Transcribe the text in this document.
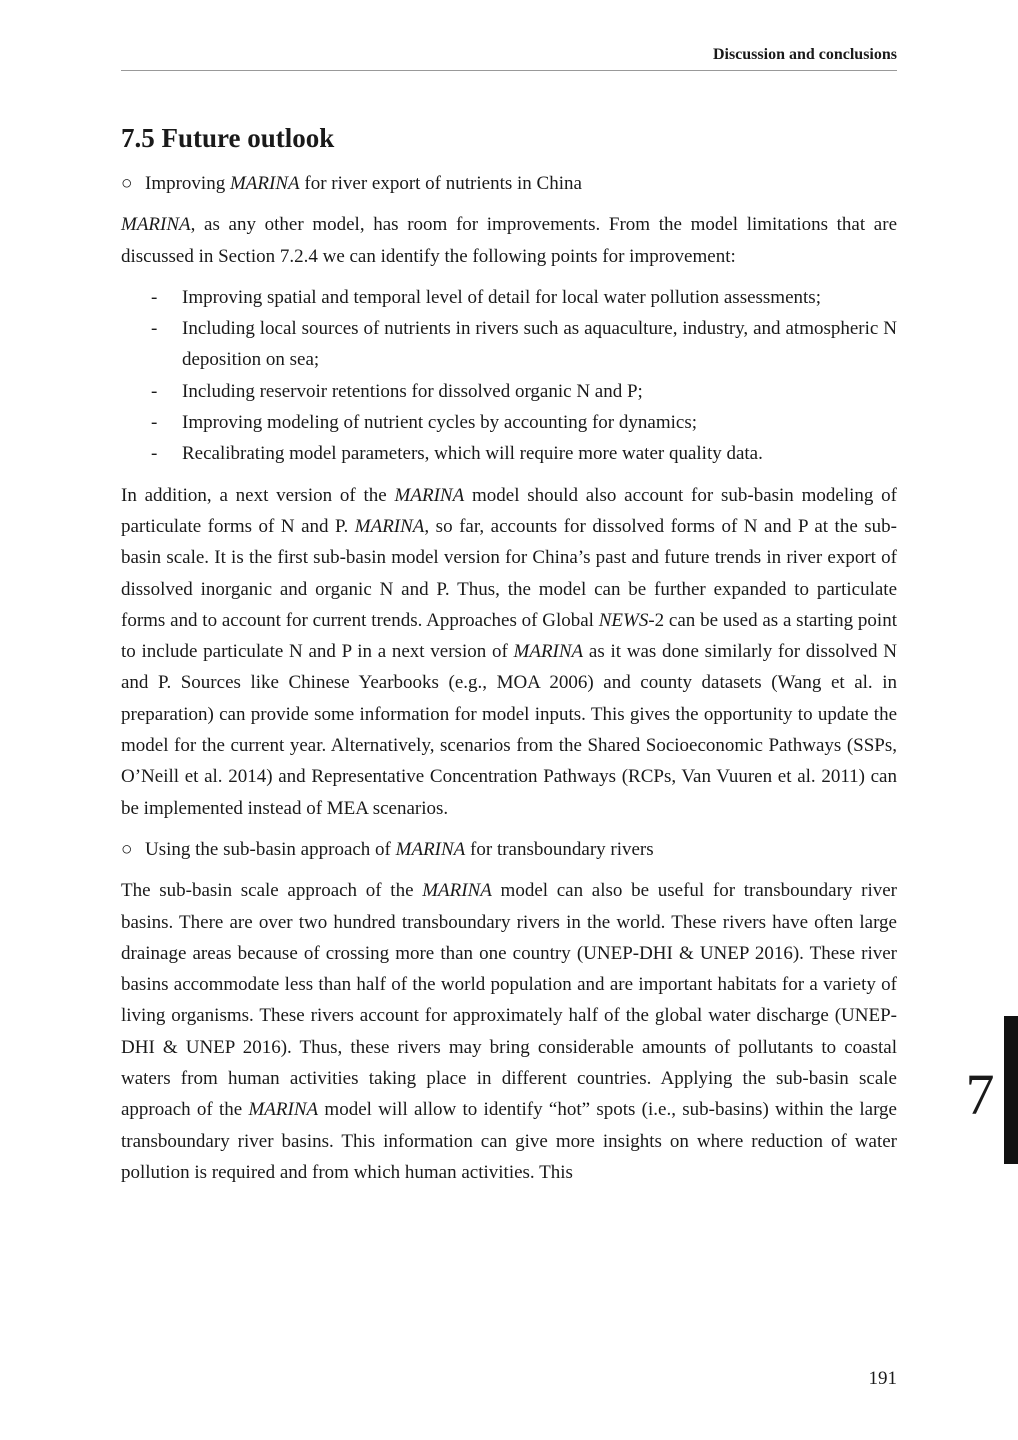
Discussion and conclusions
7.5 Future outlook
○ Improving MARINA for river export of nutrients in China

MARINA, as any other model, has room for improvements. From the model limitations that are discussed in Section 7.2.4 we can identify the following points for improvement:

-	Improving spatial and temporal level of detail for local water pollution assessments;
-	Including local sources of nutrients in rivers such as aquaculture, industry, and atmospheric N deposition on sea;
-	Including reservoir retentions for dissolved organic N and P;
-	Improving modeling of nutrient cycles by accounting for dynamics;
-	Recalibrating model parameters, which will require more water quality data.

In addition, a next version of the MARINA model should also account for sub-basin modeling of particulate forms of N and P. MARINA, so far, accounts for dissolved forms of N and P at the sub-basin scale. It is the first sub-basin model version for China’s past and future trends in river export of dissolved inorganic and organic N and P. Thus, the model can be further expanded to particulate forms and to account for current trends. Approaches of Global NEWS-2 can be used as a starting point to include particulate N and P in a next version of MARINA as it was done similarly for dissolved N and P. Sources like Chinese Yearbooks (e.g., MOA 2006) and county datasets (Wang et al. in preparation) can provide some information for model inputs. This gives the opportunity to update the model for the current year. Alternatively, scenarios from the Shared Socioeconomic Pathways (SSPs, O’Neill et al. 2014) and Representative Concentration Pathways (RCPs, Van Vuuren et al. 2011) can be implemented instead of MEA scenarios.

○ Using the sub-basin approach of MARINA for transboundary rivers

The sub-basin scale approach of the MARINA model can also be useful for transboundary river basins. There are over two hundred transboundary rivers in the world. These rivers have often large drainage areas because of crossing more than one country (UNEP-DHI & UNEP 2016). These river basins accommodate less than half of the world population and are important habitats for a variety of living organisms. These rivers account for approximately half of the global water discharge (UNEP-DHI & UNEP 2016). Thus, these rivers may bring considerable amounts of pollutants to coastal waters from human activities taking place in different countries. Applying the sub-basin scale approach of the MARINA model will allow to identify “hot” spots (i.e., sub-basins) within the large transboundary river basins. This information can give more insights on where reduction of water pollution is required and from which human activities. This

7
191
